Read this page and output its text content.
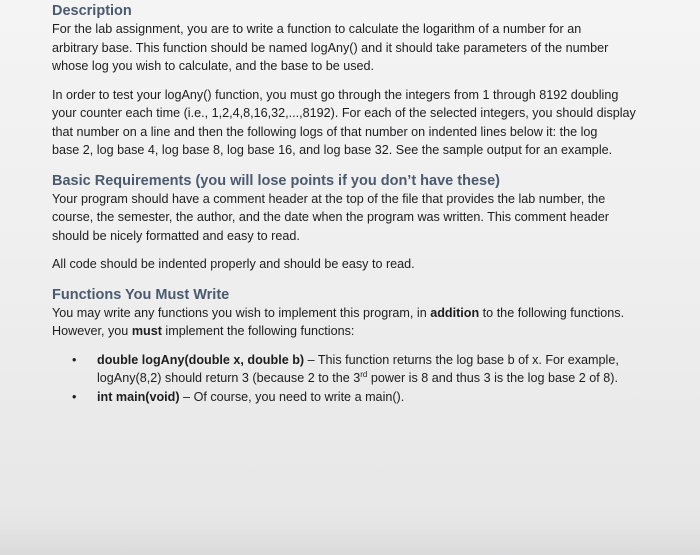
Description

For the lab assignment, you are to write a function to calculate the logarithm of a number for an
arbitrary base. This function should be named logAny() and it should take parameters of the number
whose log you wish to calculate, and the base to be used.

In order to test your logAny() function, you must go through the integers from 1 through 8192 doubling
your counter each time (i.e., 1,2,4,8,16,32,...,8192). For each of the selected integers, you should display
that number on a line and then the following logs of that number on indented lines below it: the log
base 2, log base 4, log base 8, log base 16, and log base 32. See the sample output for an example.

Basic Requirements (you will lose points if you don’t have these)

Your program should have a comment header at the top of the file that provides the lab number, the
course, the semester, the author, and the date when the program was written. This comment header
should be nicely formatted and easy to read.

All code should be indented properly and should be easy to read.

Functions You Must Write

You may write any functions you wish to implement this program, in addition to the following functions.
However, you must implement the following functions:

• double logAny(double x, double b) – This function returns the log base b of x. For example,
logAny(8,2) should return 3 (because 2 to the 3rd power is 8 and thus 3 is the log base 2 of 8).
• int main(void) – Of course, you need to write a main().
